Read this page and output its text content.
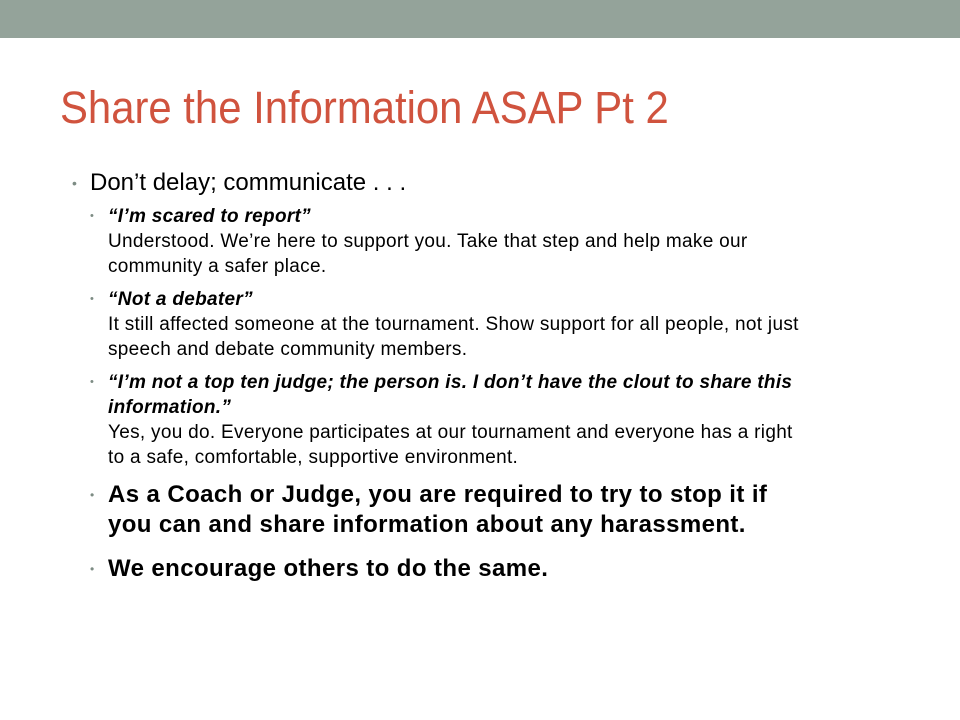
Share the Information ASAP Pt 2
• Don’t delay; communicate . . .
• “I’m scared to report”
Understood. We’re here to support you. Take that step and help make our community a safer place.
• “Not a debater”
It still affected someone at the tournament. Show support for all people, not just speech and debate community members.
• “I’m not a top ten judge; the person is. I don’t have the clout to share this information.”
Yes, you do. Everyone participates at our tournament and everyone has a right to a safe, comfortable, supportive environment.
• As a Coach or Judge, you are required to try to stop it if you can and share information about any harassment.
• We encourage others to do the same.
